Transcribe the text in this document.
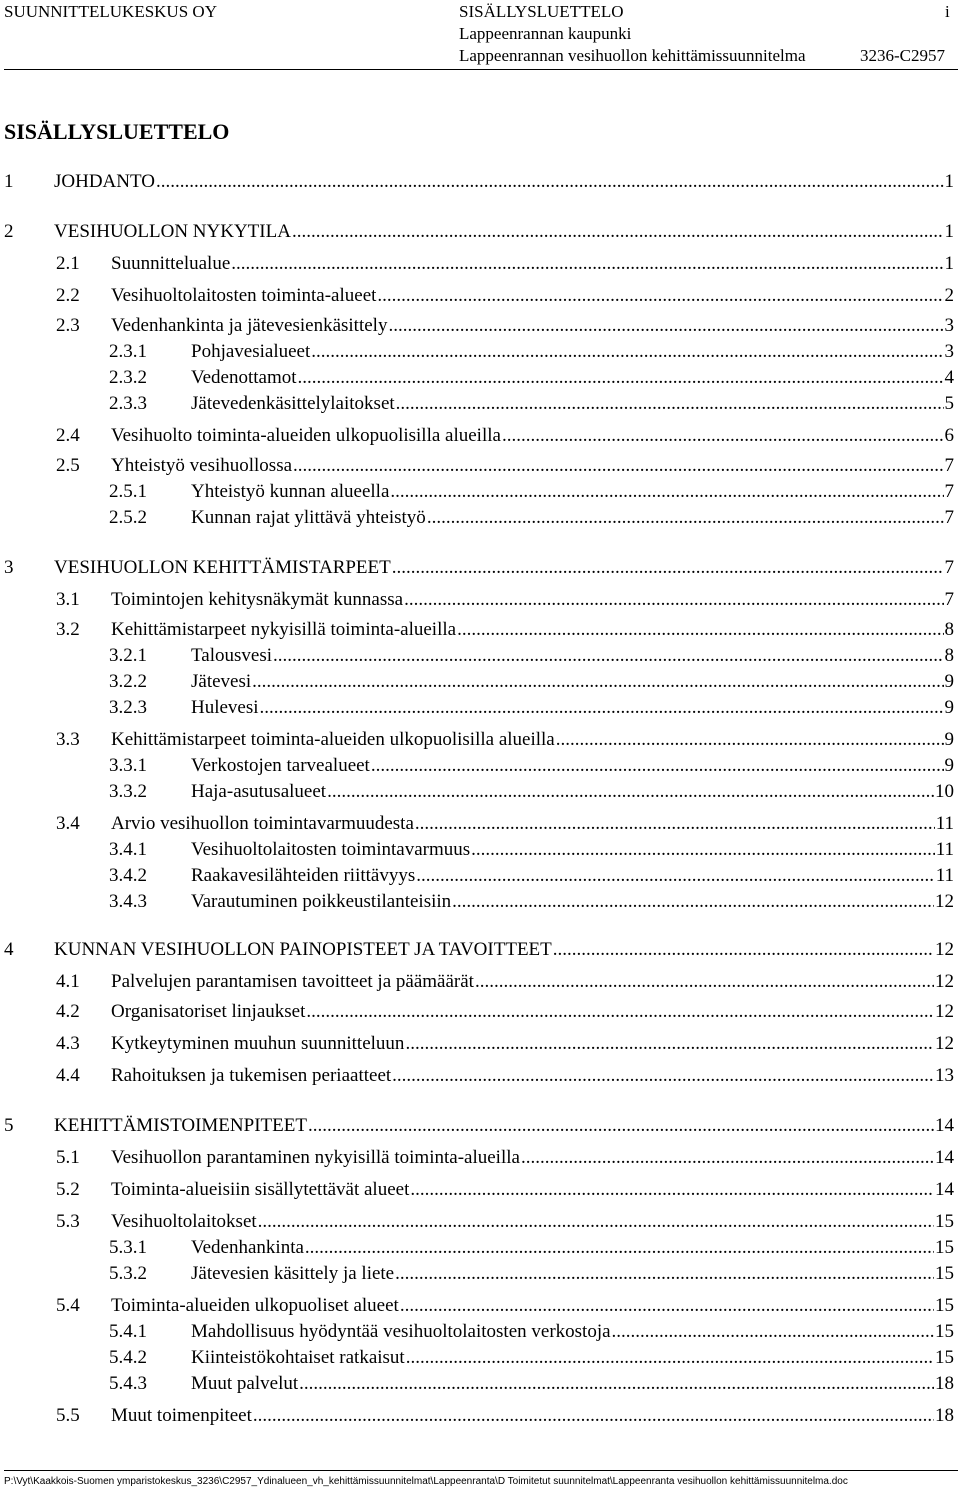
SUUNNITTELUKESKUS OY	SISÄLLYSLUETTELO	i
Lappeenrannan kaupunki
Lappeenrannan vesihuollon kehittämissuunnitelma	3236-C2957
SISÄLLYSLUETTELO
1	JOHDANTO .....	1
2	VESIHUOLLON NYKYTILA .....	1
2.1	Suunnittelualue .....	1
2.2	Vesihuoltolaitosten toiminta-alueet .....	2
2.3	Vedenhankinta ja jätevesienkäsittely .....	3
2.3.1	Pohjavesialueet .....	3
2.3.2	Vedenottamot .....	4
2.3.3	Jätevedenkäsittelylaitokset .....	5
2.4	Vesihuolto toiminta-alueiden ulkopuolisilla alueilla .....	6
2.5	Yhteistyö vesihuollossa .....	7
2.5.1	Yhteistyö kunnan alueella .....	7
2.5.2	Kunnan rajat ylittävä yhteistyö .....	7
3	VESIHUOLLON KEHITTÄMISTARPEET .....	7
3.1	Toimintojen kehitysnäkymät kunnassa .....	7
3.2	Kehittämistarpeet nykyisillä toiminta-alueilla .....	8
3.2.1	Talousvesi .....	8
3.2.2	Jätevesi .....	9
3.2.3	Hulevesi .....	9
3.3	Kehittämistarpeet toiminta-alueiden ulkopuolisilla alueilla .....	9
3.3.1	Verkostojen tarvealueet .....	9
3.3.2	Haja-asutusalueet .....	10
3.4	Arvio vesihuollon toimintavarmuudesta .....	11
3.4.1	Vesihuoltolaitosten toimintavarmuus .....	11
3.4.2	Raakavesilähteiden riittävyys .....	11
3.4.3	Varautuminen poikkeustilanteisiin .....	12
4	KUNNAN VESIHUOLLON PAINOPISTEET JA TAVOITTEET .....	12
4.1	Palvelujen parantamisen tavoitteet ja päämäärät .....	12
4.2	Organisatoriset linjaukset .....	12
4.3	Kytkeytyminen muuhun suunnitteluun .....	12
4.4	Rahoituksen ja tukemisen periaatteet .....	13
5	KEHITTÄMISTOIMENPITEET .....	14
5.1	Vesihuollon parantaminen nykyisillä toiminta-alueilla .....	14
5.2	Toiminta-alueisiin sisällytettävät alueet .....	14
5.3	Vesihuoltolaitokset .....	15
5.3.1	Vedenhankinta .....	15
5.3.2	Jätevesien käsittely ja liete .....	15
5.4	Toiminta-alueiden ulkopuoliset alueet .....	15
5.4.1	Mahdollisuus hyödyntää vesihuoltolaitosten verkostoja .....	15
5.4.2	Kiinteistökohtaiset ratkaisut .....	15
5.4.3	Muut palvelut .....	18
5.5	Muut toimenpiteet .....	18
P:\Vyt\Kaakkois-Suomen ymparistokeskus_3236\C2957_Ydinalueen_vh_kehittämissuunnitelmat\Lappeenranta\D Toimitetut suunnitelmat\Lappeenranta vesihuollon kehittämissuunnitelma.doc
